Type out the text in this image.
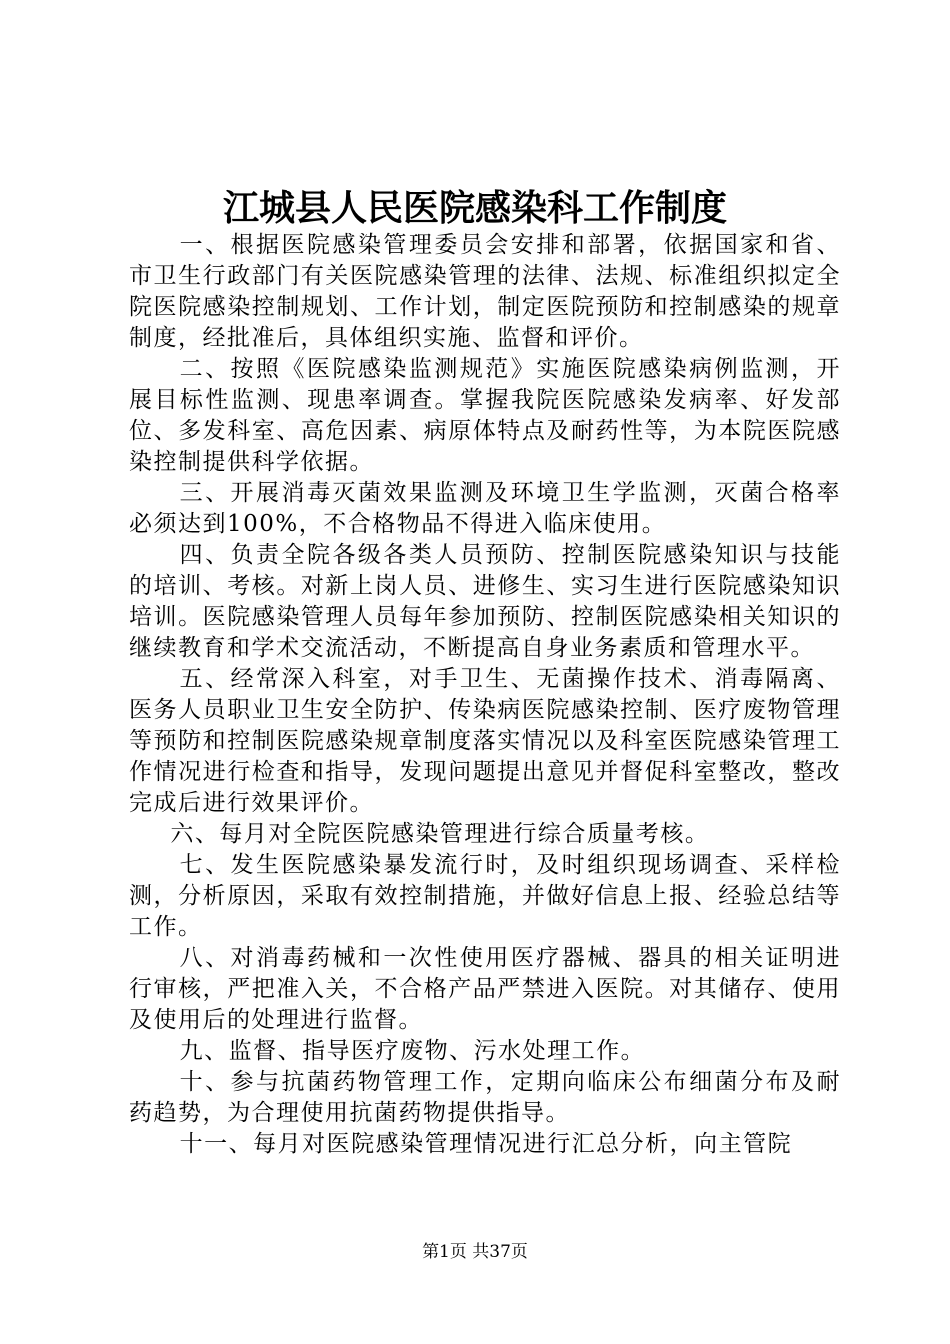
江城县人民医院感染科工作制度

一、根据医院感染管理委员会安排和部署，依据国家和省、市卫生行政部门有关医院感染管理的法律、法规、标准组织拟定全院医院感染控制规划、工作计划，制定医院预防和控制感染的规章制度，经批准后，具体组织实施、监督和评价。

二、按照《医院感染监测规范》实施医院感染病例监测，开展目标性监测、现患率调查。掌握我院医院感染发病率、好发部位、多发科室、高危因素、病原体特点及耐药性等，为本院医院感染控制提供科学依据。

三、开展消毒灭菌效果监测及环境卫生学监测，灭菌合格率必须达到100%，不合格物品不得进入临床使用。

四、负责全院各级各类人员预防、控制医院感染知识与技能的培训、考核。对新上岗人员、进修生、实习生进行医院感染知识培训。医院感染管理人员每年参加预防、控制医院感染相关知识的继续教育和学术交流活动，不断提高自身业务素质和管理水平。

五、经常深入科室，对手卫生、无菌操作技术、消毒隔离、医务人员职业卫生安全防护、传染病医院感染控制、医疗废物管理等预防和控制医院感染规章制度落实情况以及科室医院感染管理工作情况进行检查和指导，发现问题提出意见并督促科室整改，整改完成后进行效果评价。

六、每月对全院医院感染管理进行综合质量考核。

七、发生医院感染暴发流行时，及时组织现场调查、采样检测，分析原因，采取有效控制措施，并做好信息上报、经验总结等工作。

八、对消毒药械和一次性使用医疗器械、器具的相关证明进行审核，严把准入关，不合格产品严禁进入医院。对其储存、使用及使用后的处理进行监督。

九、监督、指导医疗废物、污水处理工作。

十、参与抗菌药物管理工作，定期向临床公布细菌分布及耐药趋势，为合理使用抗菌药物提供指导。

十一、每月对医院感染管理情况进行汇总分析，向主管院

第1页 共37页
